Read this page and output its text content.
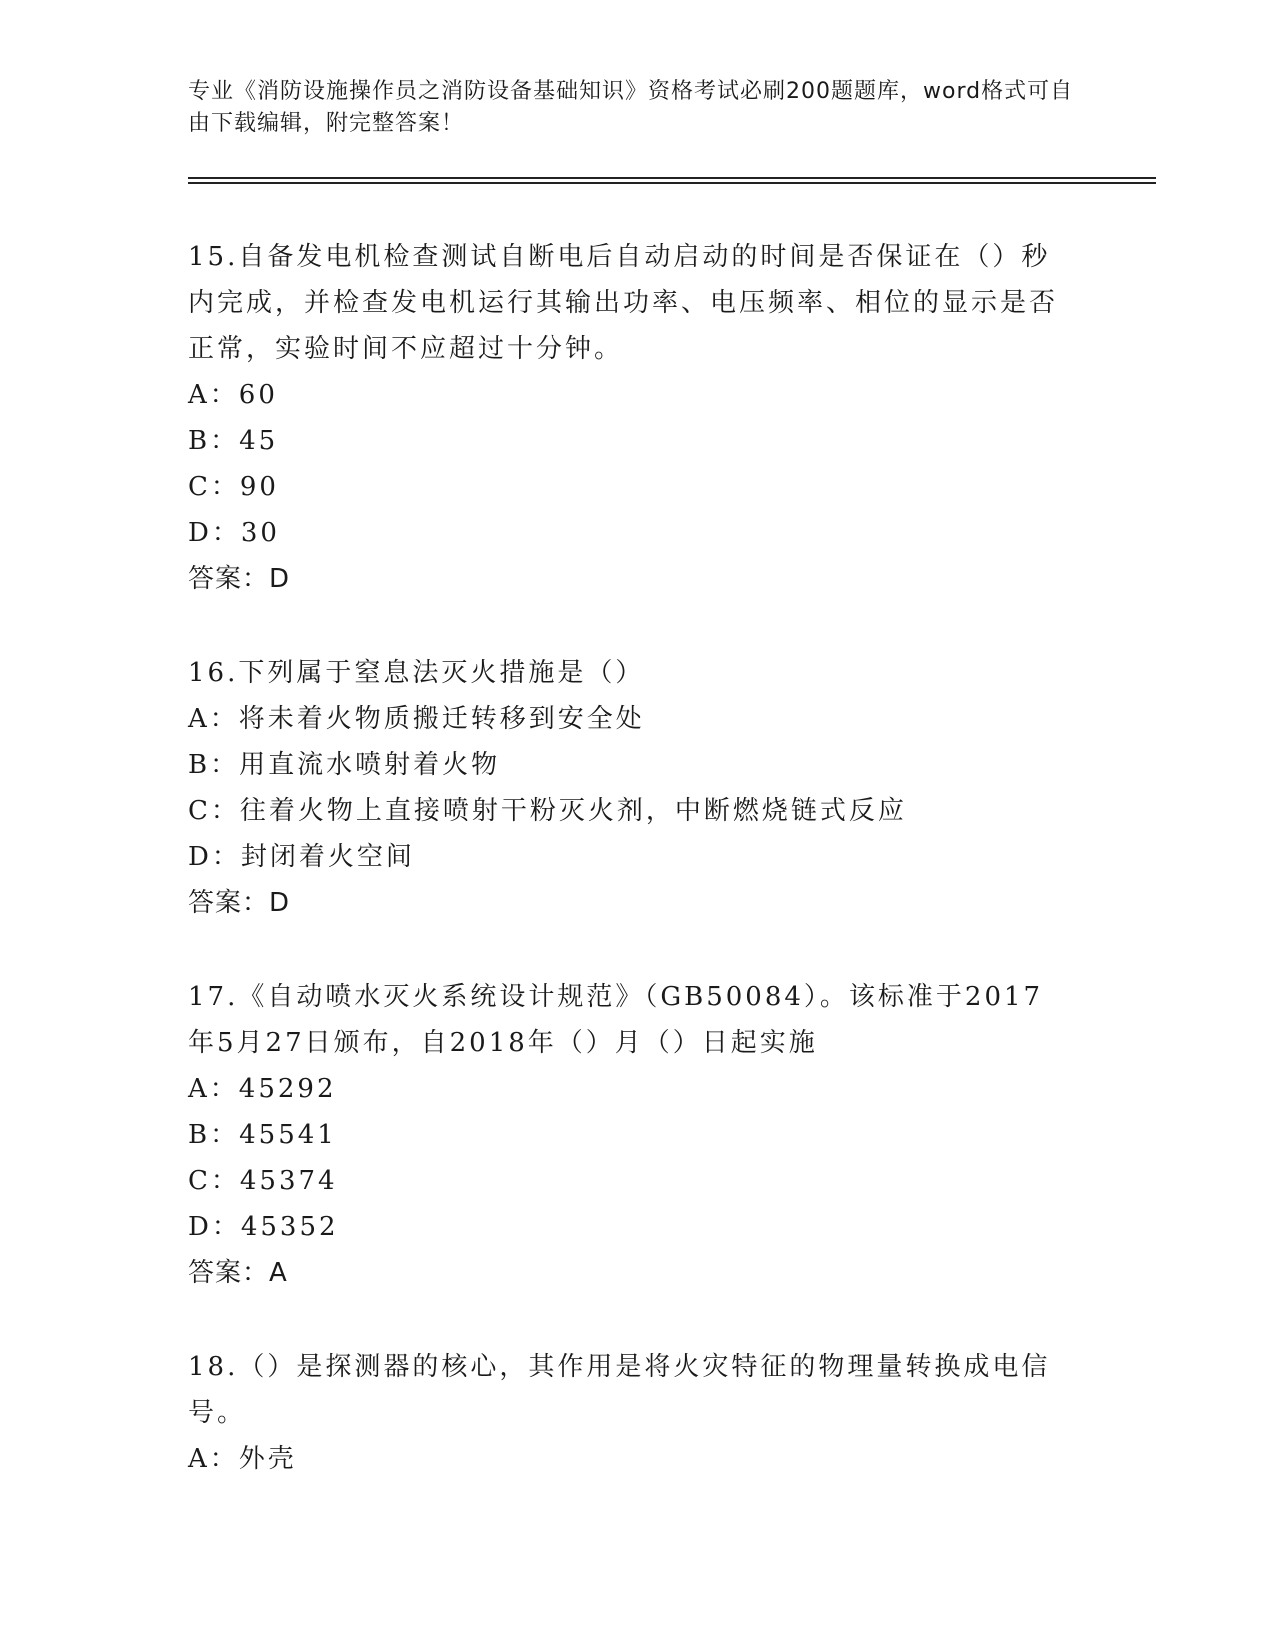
专业《消防设施操作员之消防设备基础知识》资格考试必刷200题题库，word格式可自由下载编辑，附完整答案！

15.自备发电机检查测试自断电后自动启动的时间是否保证在（）秒内完成，并检查发电机运行其输出功率、电压频率、相位的显示是否正常，实验时间不应超过十分钟。

A：60

B：45

C：90

D：30

答案：D

16.下列属于窒息法灭火措施是（）

A：将未着火物质搬迁转移到安全处

B：用直流水喷射着火物

C：往着火物上直接喷射干粉灭火剂，中断燃烧链式反应

D：封闭着火空间

答案：D

17.《自动喷水灭火系统设计规范》（GB50084）。该标准于2017年5月27日颁布，自2018年（）月（）日起实施

A：45292

B：45541

C：45374

D：45352

答案：A

18.（）是探测器的核心，其作用是将火灾特征的物理量转换成电信号。

A：外壳
